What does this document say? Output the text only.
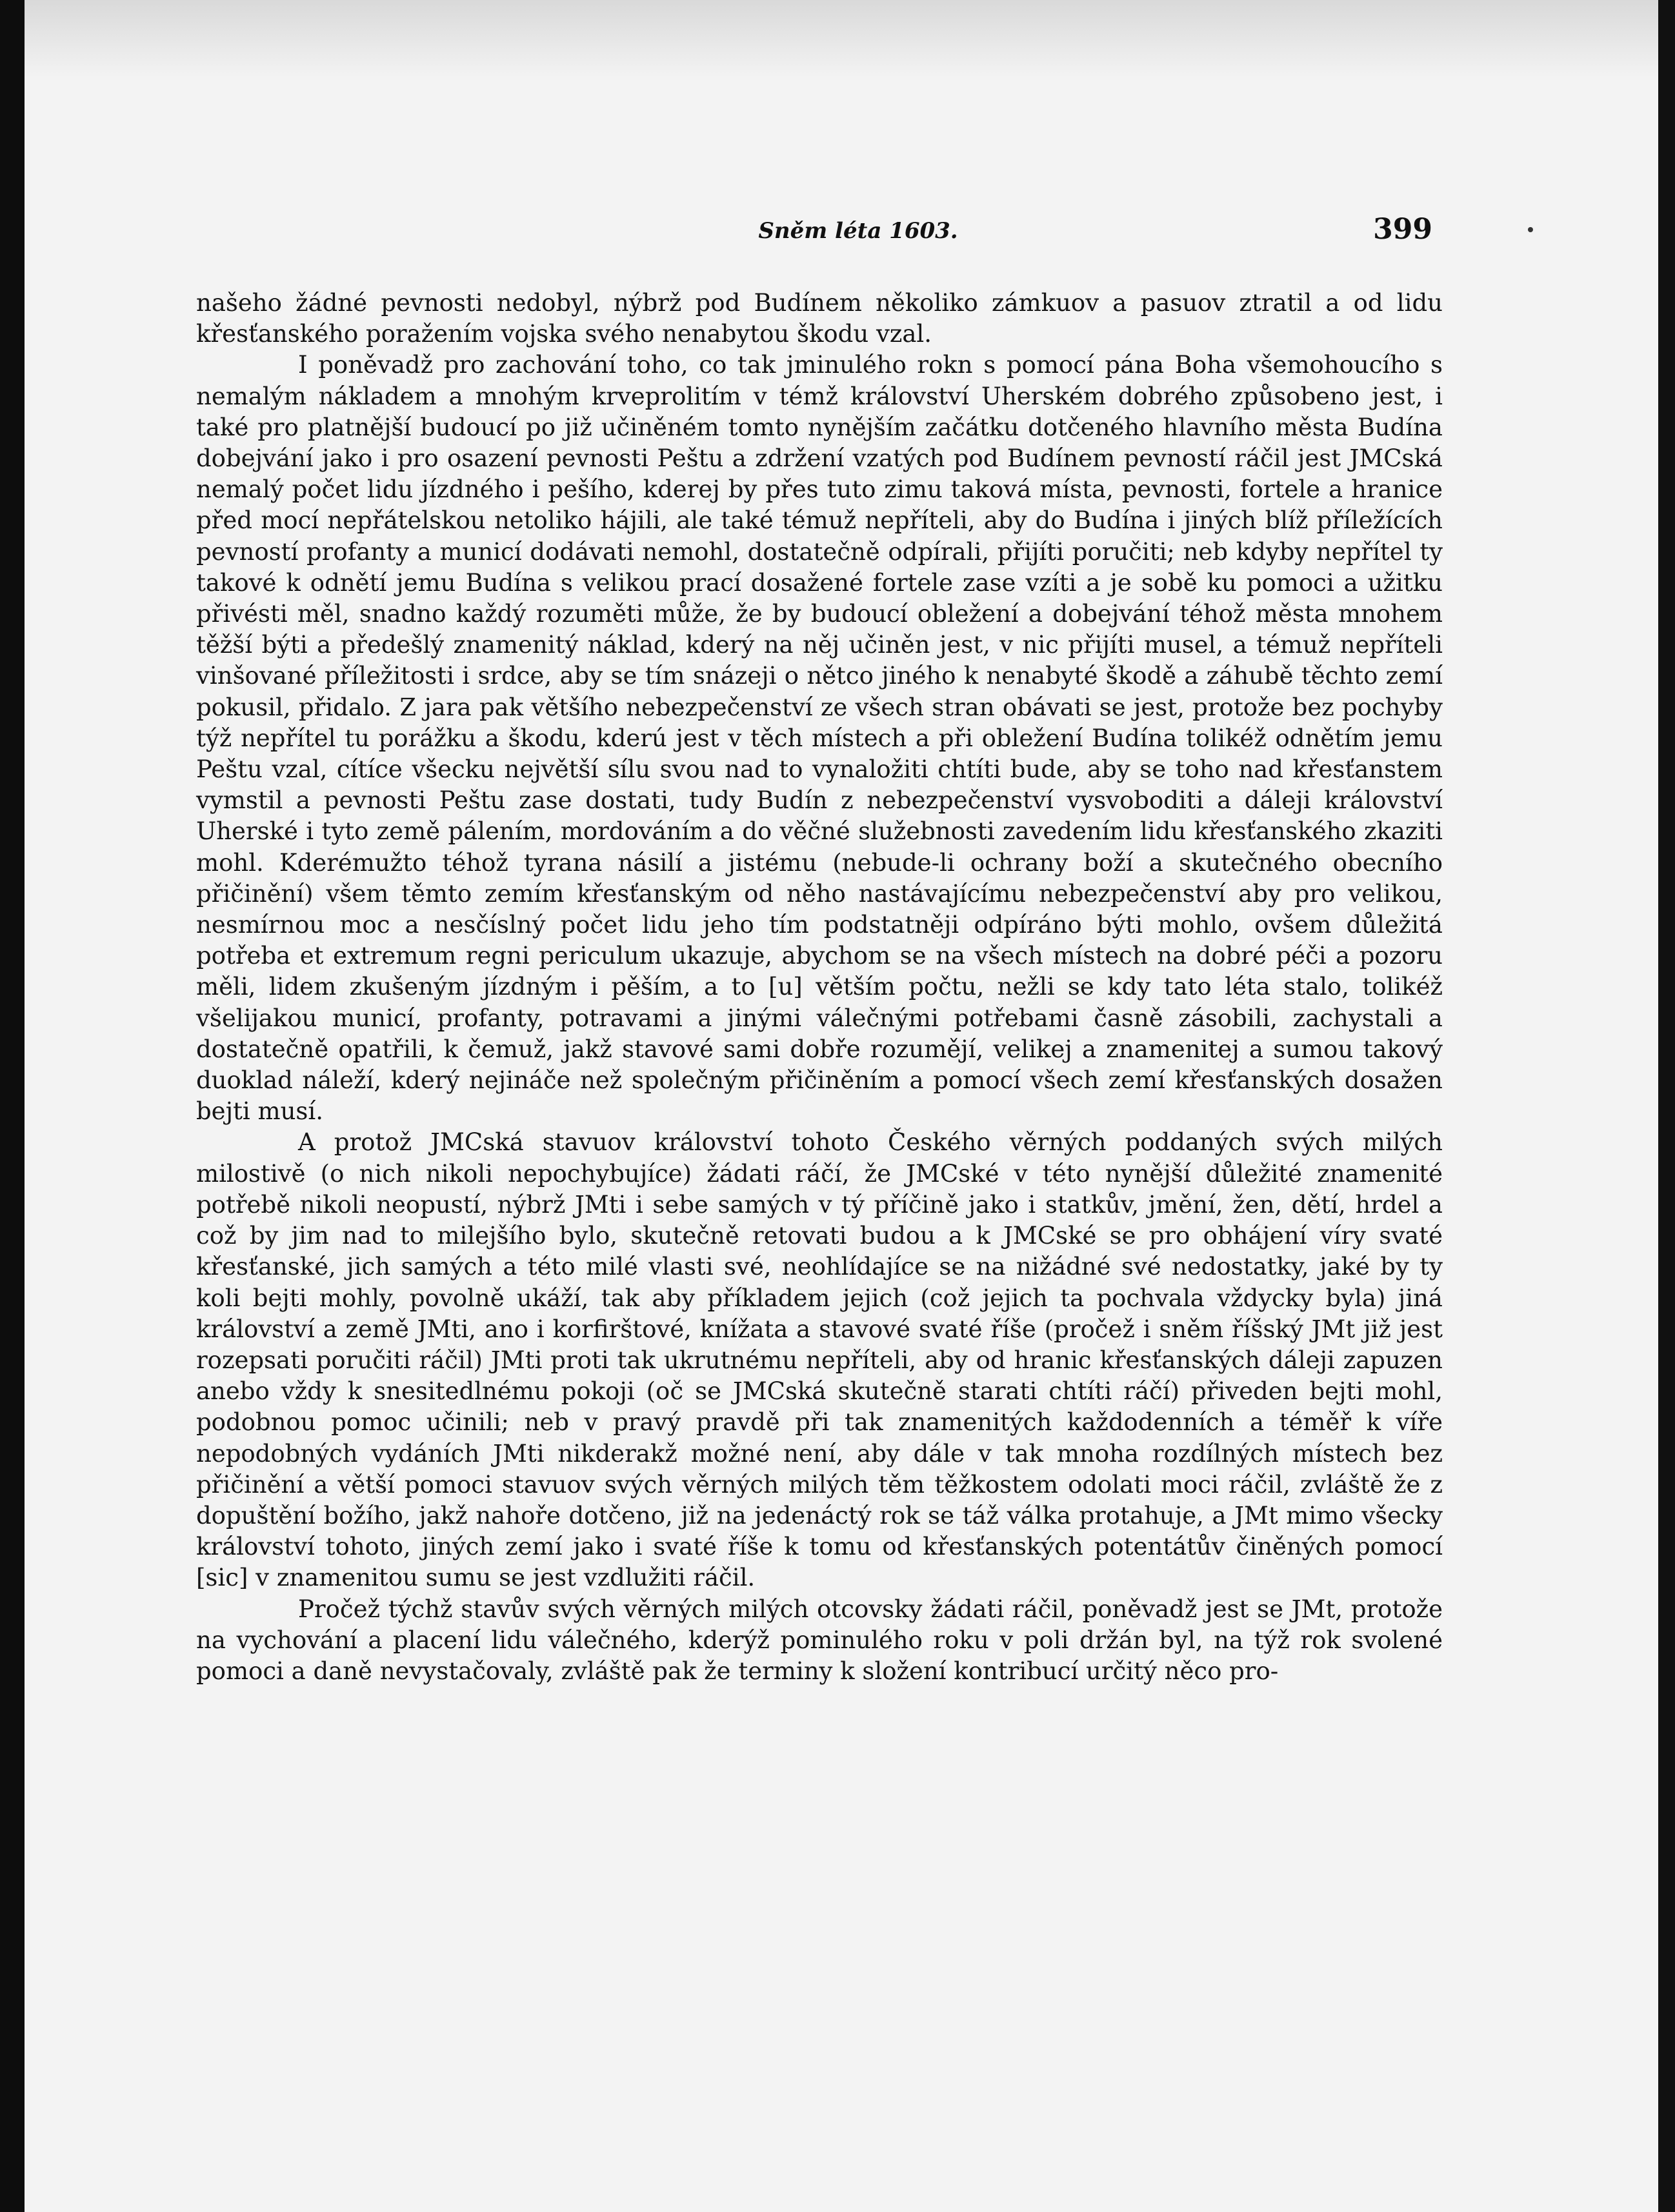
Sněm léta 1603.	399

našeho žádné pevnosti nedobyl, nýbrž pod Budínem několiko zámkuov a pasuov ztratil a od lidu křesťanského poražením vojska svého nenabytou škodu vzal.

I poněvadž pro zachování toho, co tak jminulého rokn s pomocí pána Boha všemohoucího s nemalým nákladem a mnohým krveprolitím v témž království Uherském dobrého způsobeno jest, i také pro platnější budoucí po již učiněném tomto nynějším začátku dotčeného hlavního města Budína dobejvání jako i pro osazení pevnosti Peštu a zdržení vzatých pod Budínem pevností ráčil jest JMCská nemalý počet lidu jízdného i pešího, kderej by přes tuto zimu taková místa, pevnosti, fortele a hranice před mocí nepřátelskou netoliko hájili, ale také témuž nepříteli, aby do Budína i jiných blíž příležících pevností profanty a municí dodávati nemohl, dostatečně odpírali, přijíti poručiti; neb kdyby nepřítel ty takové k odnětí jemu Budína s velikou prací dosažené fortele zase vzíti a je sobě ku pomoci a užitku přivésti měl, snadno každý rozuměti může, že by budoucí obležení a dobejvání téhož města mnohem těžší býti a předešlý znamenitý náklad, kderý na něj učiněn jest, v nic přijíti musel, a témuž nepříteli vinšované příležitosti i srdce, aby se tím snázeji o nětco jiného k nenabyté škodě a záhubě těchto zemí pokusil, přidalo. Z jara pak většího nebezpečenství ze všech stran obávati se jest, protože bez pochyby týž nepřítel tu porážku a škodu, kderú jest v těch místech a při obležení Budína tolikéž odnětím jemu Peštu vzal, cítíce všecku největší sílu svou nad to vynaložiti chtíti bude, aby se toho nad křesťanstem vymstil a pevnosti Peštu zase dostati, tudy Budín z nebezpečenství vysvoboditi a dáleji království Uherské i tyto země pálením, mordováním a do věčné služebnosti zavedením lidu křesťanského zkaziti mohl. Kderémužto téhož tyrana násilí a jistému (nebude-li ochrany boží a skutečného obecního přičinění) všem těmto zemím křesťanským od něho nastávajícímu nebezpečenství aby pro velikou, nesmírnou moc a nesčíslný počet lidu jeho tím podstatněji odpíráno býti mohlo, ovšem důležitá potřeba et extremum regni periculum ukazuje, abychom se na všech místech na dobré péči a pozoru měli, lidem zkušeným jízdným i pěším, a to [u] větším počtu, nežli se kdy tato léta stalo, tolikéž všelijakou municí, profanty, potravami a jinými válečnými potřebami časně zásobili, zachystali a dostatečně opatřili, k čemuž, jakž stavové sami dobře rozumějí, velikej a znamenitej a sumou takový duoklad náleží, kderý nejináče než společným přičiněním a pomocí všech zemí křesťanských dosažen bejti musí.

A protož JMCská stavuov království tohoto Českého věrných poddaných svých milých milostivě (o nich nikoli nepochybujíce) žádati ráčí, že JMCské v této nynější důležité znamenité potřebě nikoli neopustí, nýbrž JMti i sebe samých v tý příčině jako i statkův, jmění, žen, dětí, hrdel a což by jim nad to milejšího bylo, skutečně retovati budou a k JMCské se pro obhájení víry svaté křesťanské, jich samých a této milé vlasti své, neohlídajíce se na nižádné své nedostatky, jaké by ty koli bejti mohly, povolně ukáží, tak aby příkladem jejich (což jejich ta pochvala vždycky byla) jiná království a země JMti, ano i korfirštové, knížata a stavové svaté říše (pročež i sněm říšský JMt již jest rozepsati poručiti ráčil) JMti proti tak ukrutnému nepříteli, aby od hranic křesťanských dáleji zapuzen anebo vždy k snesitedlnému pokoji (oč se JMCská skutečně starati chtíti ráčí) přiveden bejti mohl, podobnou pomoc učinili; neb v pravý pravdě při tak znamenitých každodenních a téměř k víře nepodobných vydáních JMti nikderakž možné není, aby dále v tak mnoha rozdílných místech bez přičinění a větší pomoci stavuov svých věrných milých těm těžkostem odolati moci ráčil, zvláště že z dopuštění božího, jakž nahoře dotčeno, již na jedenáctý rok se táž válka protahuje, a JMt mimo všecky království tohoto, jiných zemí jako i svaté říše k tomu od křesťanských potentátův činěných pomocí [sic] v znamenitou sumu se jest vzdlužiti ráčil.

Pročež týchž stavův svých věrných milých otcovsky žádati ráčil, poněvadž jest se JMt, protože na vychování a placení lidu válečného, kderýž pominulého roku v poli držán byl, na týž rok svolené pomoci a daně nevystačovaly, zvláště pak že terminy k složení kontribucí určitý něco pro-
